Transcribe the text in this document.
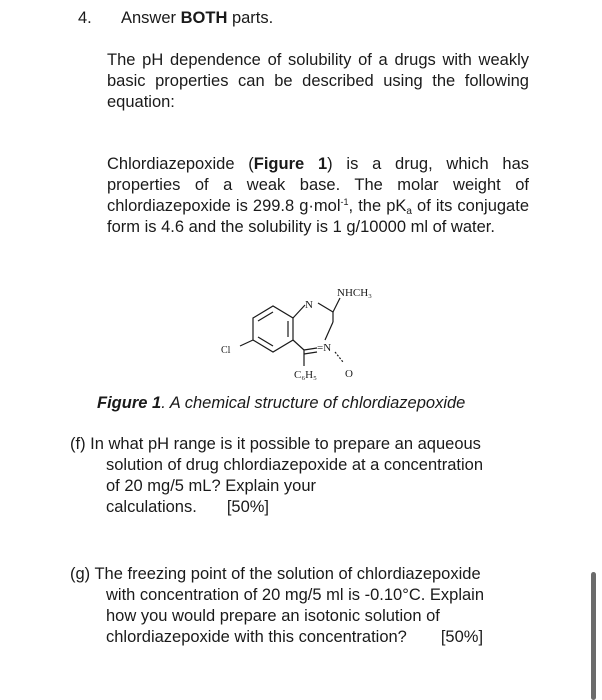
4. Answer BOTH parts.
The pH dependence of solubility of a drugs with weakly basic properties can be described using the following equation:
Chlordiazepoxide (Figure 1) is a drug, which has properties of a weak base. The molar weight of chlordiazepoxide is 299.8 g·mol$^{-1}$, the $pK_a$ of its conjugate form is 4.6 and the solubility is 1 g/10000 ml of water.
N
NHCH₃
=N
Cl
C₆H₅	O
Figure 1. A chemical structure of chlordiazepoxide
(f) In what pH range is it possible to prepare an aqueous
solution of drug chlordiazepoxide at a concentration
of 20 mg/5 mL? Explain your
calculations. [50%]
(g) The freezing point of the solution of chlordiazepoxide
with concentration of 20 mg/5 ml is -0.10°C. Explain
how you would prepare an isotonic solution of
chlordiazepoxide with this concentration? [50%]
